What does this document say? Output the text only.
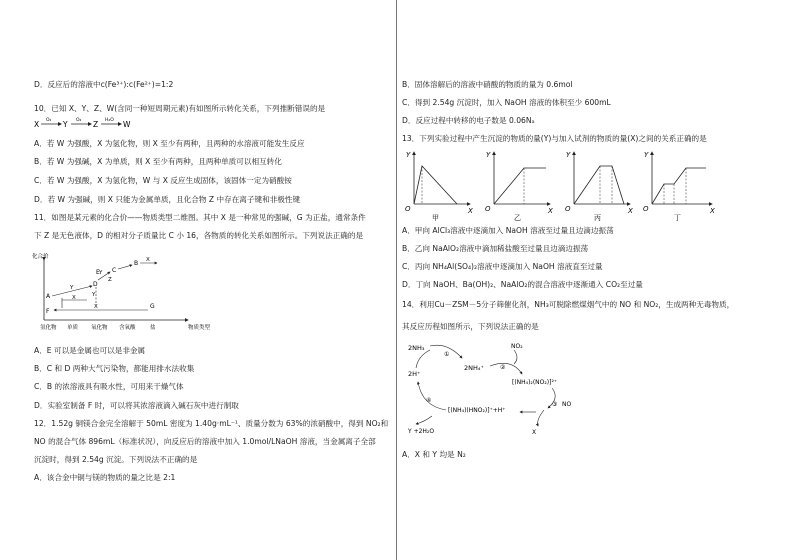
D．反应后的溶液中c(Fe³⁺):c(Fe²⁺)=1:2
10．已知 X、Y、Z、W(含同一种短周期元素)有如图所示转化关系，下列推断错误的是
X O₂ Y O₂ Z H₂O W
A．若 W 为强酸，X 为氢化物，则 X 至少有两种，且两种的水溶液可能发生反应
B．若 W 为强碱，X 为单质，则 X 至少有两种，且两种单质可以相互转化
C．若 W 为强酸，X 为氢化物，W 与 X 反应生成固体，该固体一定为硝酸铵
D．若 W 为强碱，则 X 只能为金属单质，且化合物 Z 中存在离子键和非极性键
11．如图是某元素的化合价——物质类型二维图。其中 X 是一种常见的强碱，G 为正盐，通常条件
下 Z 是无色液体，D 的相对分子质量比 C 小 16，各物质的转化关系如图所示。下列说法正确的是
化合价
物质类型
氢化物 单质 氧化物 含氧酸	盐
A
Y	D
Y C
Z
B X
Y
X
F
X	G
E
A．E 可以是金属也可以是非金属
B．C 和 D 两种大气污染物，都能用排水法收集
C．B 的浓溶液具有吸水性，可用来干燥气体
D．实验室制备 F 时，可以将其浓溶液滴入碱石灰中进行制取
12．1.52g 铜镁合金完全溶解于 50mL 密度为 1.40g·mL⁻¹、质量分数为 63%的浓硝酸中，得到 NO₂和
NO 的混合气体 896mL（标准状况），向反应后的溶液中加入 1.0mol/LNaOH 溶液，当金属离子全部
沉淀时，得到 2.54g 沉淀。下列说法不正确的是
A．该合金中铜与镁的物质的量之比是 2:1
B．固体溶解后的溶液中硝酸的物质的量为 0.6mol
C．得到 2.54g 沉淀时，加入 NaOH 溶液的体积至少 600mL
D．反应过程中转移的电子数是 0.06Nₐ
13．下列实验过程中产生沉淀的物质的量(Y)与加入试剂的物质的量(X)之间的关系正确的是
Y
O	X
甲
Y
O	X
乙
Y
O	X
丙
Y
O	X
丁
A．甲向 AlCl₃溶液中逐滴加入 NaOH 溶液至过量且边滴边振荡
B．乙向 NaAlO₂溶液中滴加稀盐酸至过量且边滴边振荡
C．丙向 NH₄Al(SO₄)₂溶液中逐滴加入 NaOH 溶液直至过量
D．丁向 NaOH、Ba(OH)₂、NaAlO₂的混合溶液中逐渐通入 CO₂至过量
14．利用Cu－ZSM－5分子筛催化剂，NH₃可脱除燃煤烟气中的 NO 和 NO₂，生成两种无毒物质，
其反应历程如图所示，下列说法正确的是
2NH₃	NO₂
①
2H⁺
2NH₄⁺	②
[(NH₄)₂(NO₂)]²⁺
③ NO
X
[(NH₄)(HNO₂)]⁺+H⁺
④
Y +2H₂O
A．X 和 Y 均是 N₂
